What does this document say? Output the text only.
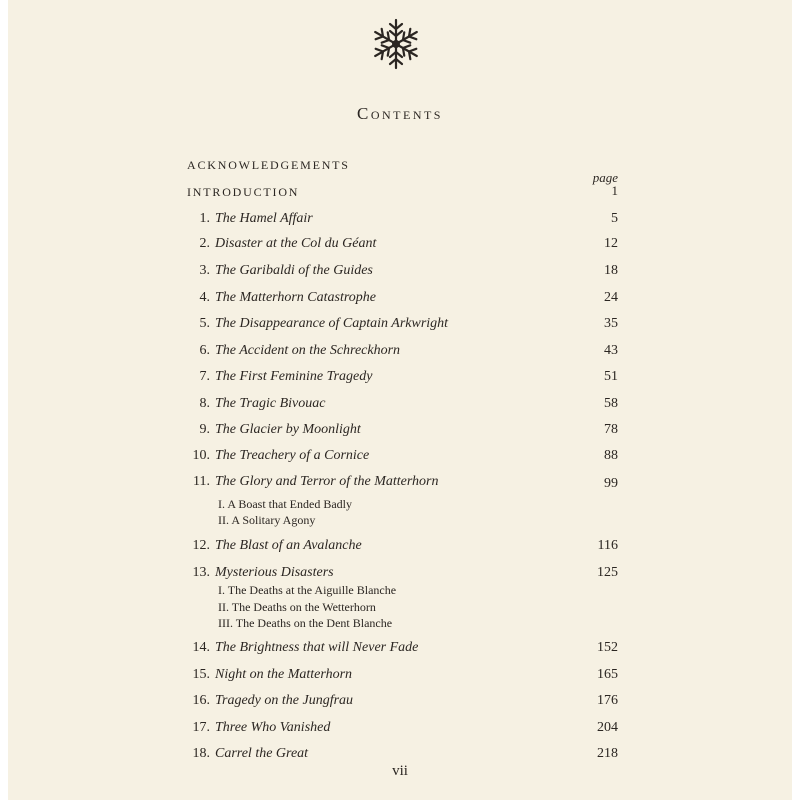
Contents
ACKNOWLEDGEMENTS
page
INTRODUCTION	1
1. The Hamel Affair	5
2. Disaster at the Col du Géant	12
3. The Garibaldi of the Guides	18
4. The Matterhorn Catastrophe	24
5. The Disappearance of Captain Arkwright	35
6. The Accident on the Schreckhorn	43
7. The First Feminine Tragedy	51
8. The Tragic Bivouac	58
9. The Glacier by Moonlight	78
10. The Treachery of a Cornice	88
11. The Glory and Terror of the Matterhorn	99
I. A Boast that Ended Badly
II. A Solitary Agony
12. The Blast of an Avalanche	116
13. Mysterious Disasters	125
I. The Deaths at the Aiguille Blanche
II. The Deaths on the Wetterhorn
III. The Deaths on the Dent Blanche
14. The Brightness that will Never Fade	152
15. Night on the Matterhorn	165
16. Tragedy on the Jungfrau	176
17. Three Who Vanished	204
18. Carrel the Great	218
vii
